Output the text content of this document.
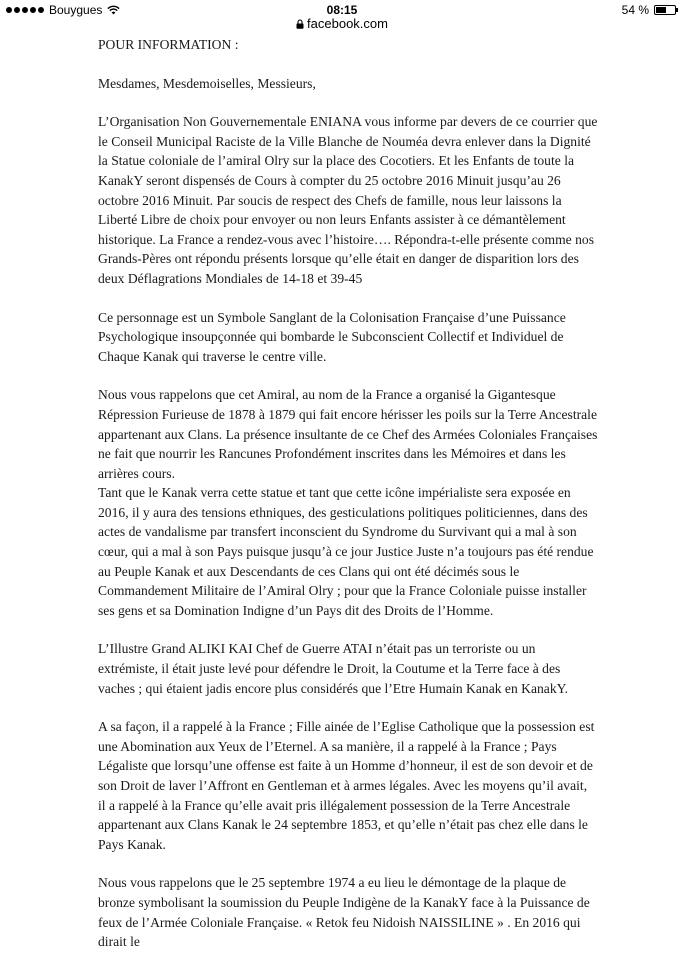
Bouygues	08:15	54 %
facebook.com

POUR INFORMATION :

Mesdames, Mesdemoiselles, Messieurs,

L’Organisation Non Gouvernementale ENIANA vous informe par devers de ce courrier que le Conseil Municipal Raciste de la Ville Blanche de Nouméa devra enlever dans la Dignité la Statue coloniale de l’amiral Olry sur la place des Cocotiers. Et les Enfants de toute la KanakY seront dispensés de Cours à compter du 25 octobre 2016 Minuit jusqu’au 26 octobre 2016 Minuit. Par soucis de respect des Chefs de famille, nous leur laissons la Liberté Libre de choix pour envoyer ou non leurs Enfants assister à ce démantèlement historique. La France a rendez-vous avec l’histoire…. Répondra-t-elle présente comme nos Grands-Pères ont répondu présents lorsque qu’elle était en danger de disparition lors des deux Déflagrations Mondiales de 14-18 et 39-45

Ce personnage est un Symbole Sanglant de la Colonisation Française d’une Puissance Psychologique insoupçonnée qui bombarde le Subconscient Collectif et Individuel de Chaque Kanak qui traverse le centre ville.

Nous vous rappelons que cet Amiral, au nom de la France a organisé la Gigantesque Répression Furieuse de 1878 à 1879 qui fait encore hérisser les poils sur la Terre Ancestrale appartenant aux Clans. La présence insultante de ce Chef des Armées Coloniales Françaises ne fait que nourrir les Rancunes Profondément inscrites dans les Mémoires et dans les arrières cours.

Tant que le Kanak verra cette statue et tant que cette icône impérialiste sera exposée en 2016, il y aura des tensions ethniques, des gesticulations politiques politiciennes, dans des actes de vandalisme par transfert inconscient du Syndrome du Survivant qui a mal à son cœur, qui a mal à son Pays puisque jusqu’à ce jour Justice Juste n’a toujours pas été rendue au Peuple Kanak et aux Descendants de ces Clans qui ont été décimés sous le Commandement Militaire de l’Amiral Olry ; pour que la France Coloniale puisse installer ses gens et sa Domination Indigne d’un Pays dit des Droits de l’Homme.

L’Illustre Grand ALIKI KAI Chef de Guerre ATAI n’était pas un terroriste ou un extrémiste, il était juste levé pour défendre le Droit, la Coutume et la Terre face à des vaches ; qui étaient jadis encore plus considérés que l’Etre Humain Kanak en KanakY.

A sa façon, il a rappelé à la France ; Fille ainée de l’Eglise Catholique que la possession est une Abomination aux Yeux de l’Eternel. A sa manière, il a rappelé à la France ; Pays Légaliste que lorsqu’une offense est faite à un Homme d’honneur, il est de son devoir et de son Droit de laver l’Affront en Gentleman et à armes légales. Avec les moyens qu’il avait, il a rappelé à la France qu’elle avait pris illégalement possession de la Terre Ancestrale appartenant aux Clans Kanak le 24 septembre 1853, et qu’elle n’était pas chez elle dans le Pays Kanak.

Nous vous rappelons que le 25 septembre 1974 a eu lieu le démontage de la plaque de bronze symbolisant la soumission du Peuple Indigène de la KanakY face à la Puissance de feux de l’Armée Coloniale Française. « Retok feu Nidoish NAISSILINE » . En 2016 qui dirait le
